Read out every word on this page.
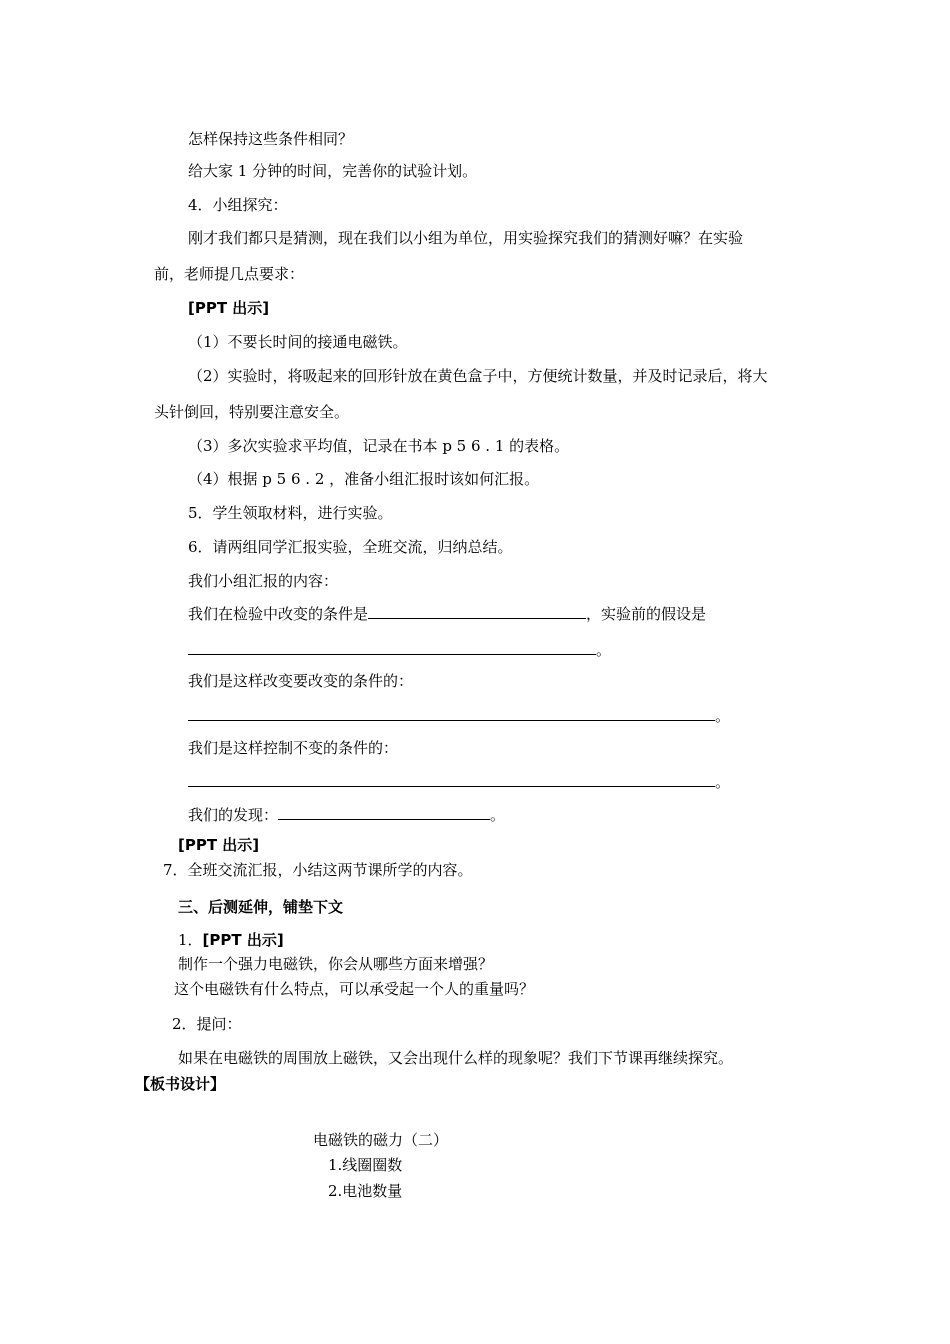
怎样保持这些条件相同？
给大家 1 分钟的时间，完善你的试验计划。
4．小组探究：
刚才我们都只是猜测，现在我们以小组为单位，用实验探究我们的猜测好嘛？在实验
前，老师提几点要求：
[PPT 出示]
（1）不要长时间的接通电磁铁。
（2）实验时，将吸起来的回形针放在黄色盒子中，方便统计数量，并及时记录后，将大
头针倒回，特别要注意安全。
（3）多次实验求平均值，记录在书本 p 5 6 . 1 的表格。
（4）根据 p 5 6 . 2 ，准备小组汇报时该如何汇报。
5．学生领取材料，进行实验。
6．请两组同学汇报实验，全班交流，归纳总结。
我们小组汇报的内容：
我们在检验中改变的条件是	，实验前的假设是
。
我们是这样改变要改变的条件的：
。
我们是这样控制不变的条件的：
。
我们的发现：	。
[PPT 出示]
7．全班交流汇报，小结这两节课所学的内容。
三、后测延伸，铺垫下文
1．[PPT 出示]
制作一个强力电磁铁，你会从哪些方面来增强？
这个电磁铁有什么特点，可以承受起一个人的重量吗？
2．提问：
如果在电磁铁的周围放上磁铁，又会出现什么样的现象呢？我们下节课再继续探究。
【板书设计】
电磁铁的磁力（二）
1.线圈圈数
2.电池数量
